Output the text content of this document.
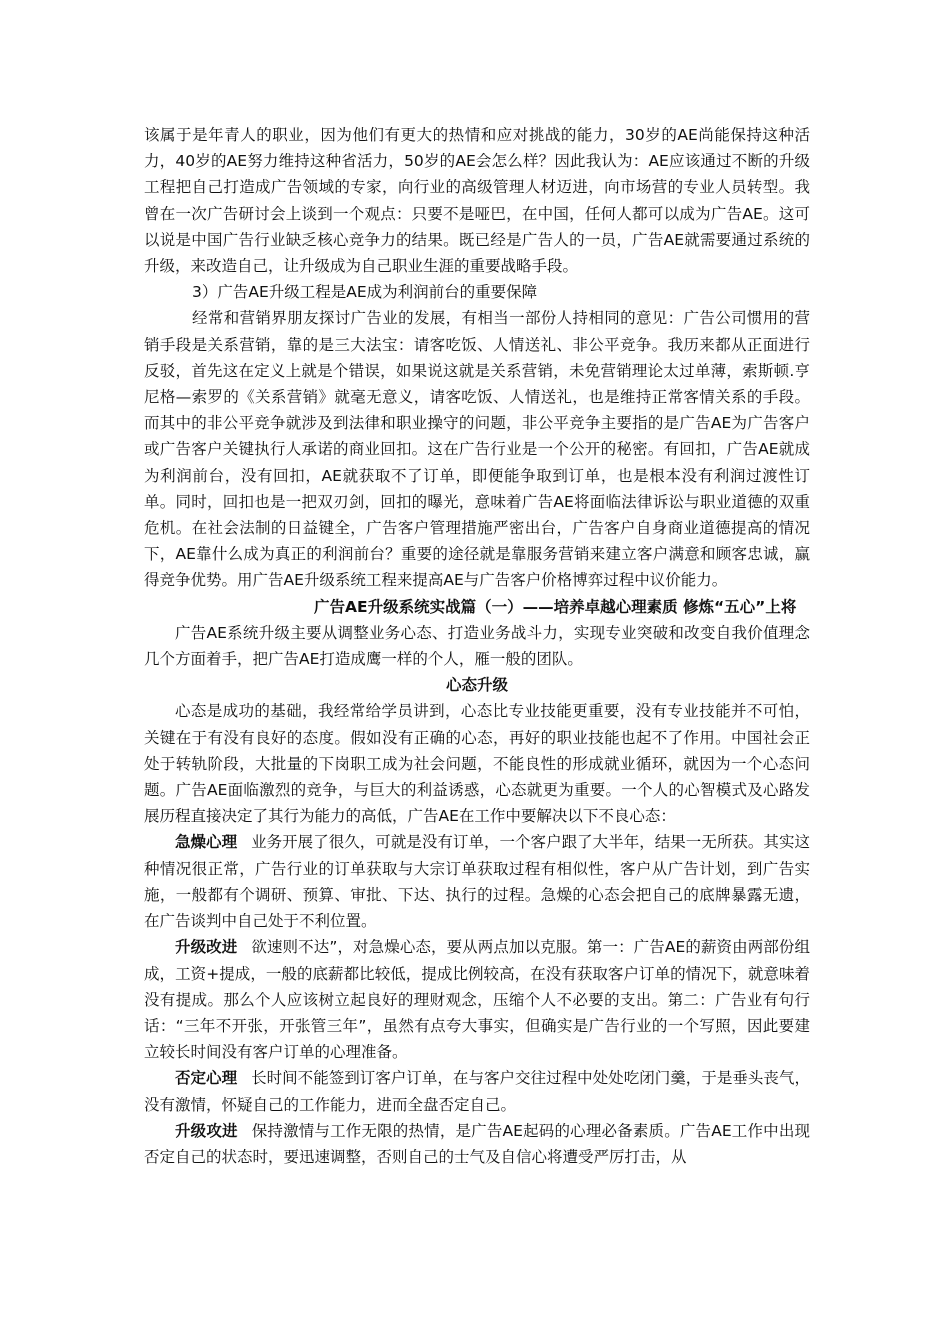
该属于是年青人的职业，因为他们有更大的热情和应对挑战的能力，30岁的AE尚能保持这种活力，40岁的AE努力维持这种省活力，50岁的AE会怎么样？因此我认为：AE应该通过不断的升级工程把自己打造成广告领域的专家，向行业的高级管理人材迈进，向市场营的专业人员转型。我曾在一次广告研讨会上谈到一个观点：只要不是哑巴，在中国，任何人都可以成为广告AE。这可以说是中国广告行业缺乏核心竞争力的结果。既已经是广告人的一员，广告AE就需要通过系统的升级，来改造自己，让升级成为自己职业生涯的重要战略手段。

3）广告AE升级工程是AE成为利润前台的重要保障

经常和营销界朋友探讨广告业的发展，有相当一部份人持相同的意见：广告公司惯用的营销手段是关系营销，靠的是三大法宝：请客吃饭、人情送礼、非公平竞争。我历来都从正面进行反驳，首先这在定义上就是个错误，如果说这就是关系营销，未免营销理论太过单薄，索斯顿.亨尼格—索罗的《关系营销》就毫无意义，请客吃饭、人情送礼，也是维持正常客情关系的手段。而其中的非公平竞争就涉及到法律和职业操守的问题，非公平竞争主要指的是广告AE为广告客户或广告客户关键执行人承诺的商业回扣。这在广告行业是一个公开的秘密。有回扣，广告AE就成为利润前台，没有回扣，AE就获取不了订单，即便能争取到订单，也是根本没有利润过渡性订单。同时，回扣也是一把双刃剑，回扣的曝光，意味着广告AE将面临法律诉讼与职业道德的双重危机。在社会法制的日益键全，广告客户管理措施严密出台，广告客户自身商业道德提高的情况下，AE靠什么成为真正的利润前台？重要的途径就是靠服务营销来建立客户满意和顾客忠诚，赢得竞争优势。用广告AE升级系统工程来提高AE与广告客户价格博弈过程中议价能力。

广告AE升级系统实战篇（一）——培养卓越心理素质 修炼“五心”上将

广告AE系统升级主要从调整业务心态、打造业务战斗力，实现专业突破和改变自我价值理念几个方面着手，把广告AE打造成鹰一样的个人，雁一般的团队。

心态升级

心态是成功的基础，我经常给学员讲到，心态比专业技能更重要，没有专业技能并不可怕，关键在于有没有良好的态度。假如没有正确的心态，再好的职业技能也起不了作用。中国社会正处于转轨阶段，大批量的下岗职工成为社会问题，不能良性的形成就业循环，就因为一个心态问题。广告AE面临激烈的竞争，与巨大的利益诱惑，心态就更为重要。一个人的心智模式及心路发展历程直接决定了其行为能力的高低，广告AE在工作中要解决以下不良心态：

急燥心理 业务开展了很久，可就是没有订单，一个客户跟了大半年，结果一无所获。其实这种情况很正常，广告行业的订单获取与大宗订单获取过程有相似性，客户从广告计划，到广告实施，一般都有个调研、预算、审批、下达、执行的过程。急燥的心态会把自己的底牌暴露无遗，在广告谈判中自己处于不利位置。

升级改进 欲速则不达”，对急燥心态，要从两点加以克服。第一：广告AE的薪资由两部份组成，工资+提成，一般的底薪都比较低，提成比例较高，在没有获取客户订单的情况下，就意味着没有提成。那么个人应该树立起良好的理财观念，压缩个人不必要的支出。第二：广告业有句行话：“三年不开张，开张管三年”，虽然有点夸大事实，但确实是广告行业的一个写照，因此要建立较长时间没有客户订单的心理准备。

否定心理 长时间不能签到订客户订单，在与客户交往过程中处处吃闭门羹，于是垂头丧气，没有激情，怀疑自己的工作能力，进而全盘否定自己。

升级攻进 保持激情与工作无限的热情，是广告AE起码的心理必备素质。广告AE工作中出现否定自己的状态时，要迅速调整，否则自己的士气及自信心将遭受严厉打击，从
